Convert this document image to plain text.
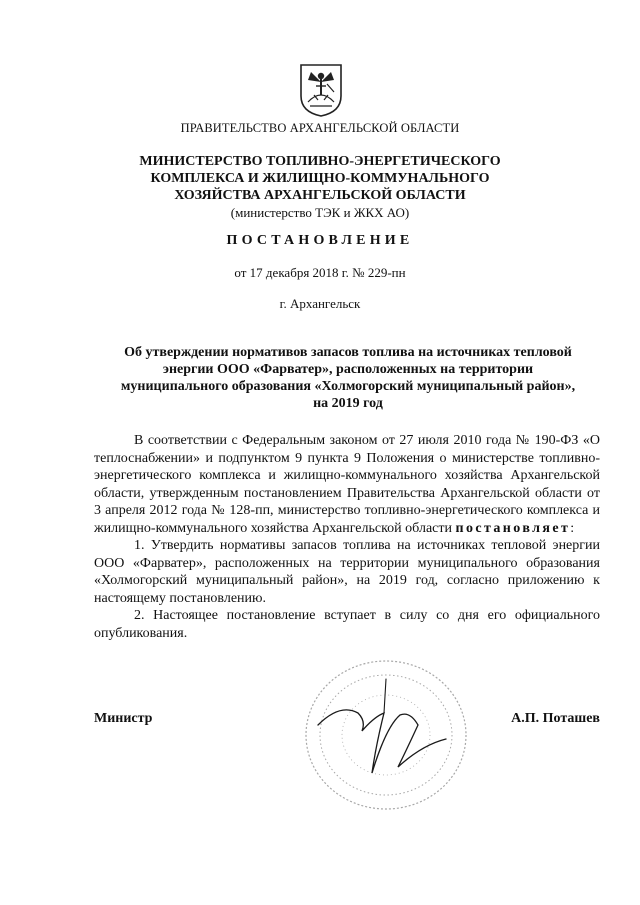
ПРАВИТЕЛЬСТВО АРХАНГЕЛЬСКОЙ ОБЛАСТИ
МИНИСТЕРСТВО ТОПЛИВНО-ЭНЕРГЕТИЧЕСКОГО
КОМПЛЕКСА И ЖИЛИЩНО-КОММУНАЛЬНОГО
ХОЗЯЙСТВА АРХАНГЕЛЬСКОЙ ОБЛАСТИ
(министерство ТЭК и ЖКХ АО)
ПОСТАНОВЛЕНИЕ
от 17 декабря 2018 г. № 229-пн
г. Архангельск
Об утверждении нормативов запасов топлива на источниках тепловой
энергии ООО «Фарватер», расположенных на территории
муниципального образования «Холмогорский муниципальный район»,
на 2019 год

В соответствии с Федеральным законом от 27 июля 2010 года № 190-ФЗ «О теплоснабжении» и подпунктом 9 пункта 9 Положения о министерстве топливно-энергетического комплекса и жилищно-коммунального хозяйства Архангельской области, утвержденным постановлением Правительства Архангельской области от 3 апреля 2012 года № 128-пп, министерство топливно-энергетического комплекса и жилищно-коммунального хозяйства Архангельской области постановляет:

1. Утвердить нормативы запасов топлива на источниках тепловой энергии ООО «Фарватер», расположенных на территории муниципального образования «Холмогорский муниципальный район», на 2019 год, согласно приложению к настоящему постановлению.

2. Настоящее постановление вступает в силу со дня его официального опубликования.

Министр	А.П. Поташев
